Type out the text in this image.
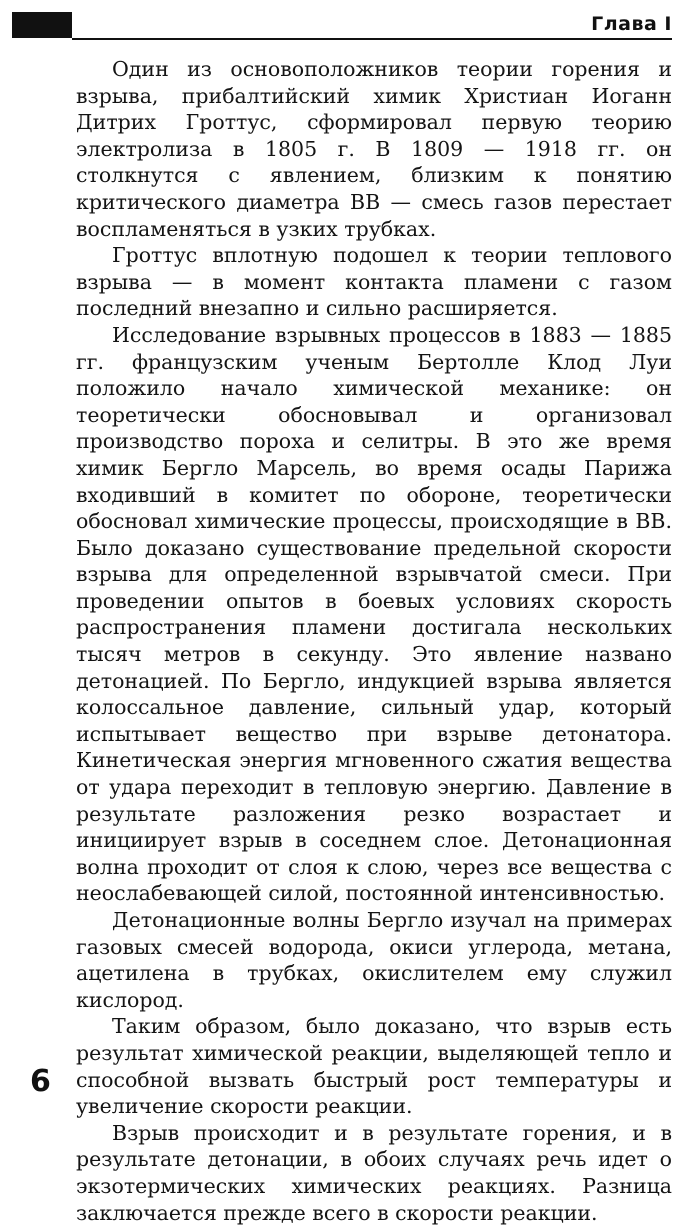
Глава I

Один из основоположников теории горения и взрыва, прибалтийский химик Христиан Иоганн Дитрих Гроттус, сформировал первую теорию электролиза в 1805 г. В 1809 — 1918 гг. он столкнутся с явлением, близким к понятию критического диаметра ВВ — смесь газов перестает воспламеняться в узких трубках.

Гроттус вплотную подошел к теории теплового взрыва — в момент контакта пламени с газом последний внезапно и сильно расширяется.

Исследование взрывных процессов в 1883 — 1885 гг. французским ученым Бертолле Клод Луи положило начало химической механике: он теоретически обосновывал и организовал производство пороха и селитры. В это же время химик Бергло Марсель, во время осады Парижа входивший в комитет по обороне, теоретически обосновал химические процессы, происходящие в ВВ. Было доказано существование предельной скорости взрыва для определенной взрывчатой смеси. При проведении опытов в боевых условиях скорость распространения пламени достигала нескольких тысяч метров в секунду. Это явление названо детонацией. По Бергло, индукцией взрыва является колоссальное давление, сильный удар, который испытывает вещество при взрыве детонатора. Кинетическая энергия мгновенного сжатия вещества от удара переходит в тепловую энергию. Давление в результате разложения резко возрастает и инициирует взрыв в соседнем слое. Детонационная волна проходит от слоя к слою, через все вещества с неослабевающей силой, постоянной интенсивностью.

Детонационные волны Бергло изучал на примерах газовых смесей водорода, окиси углерода, метана, ацетилена в трубках, окислителем ему служил кислород.

Таким образом, было доказано, что взрыв есть результат химической реакции, выделяющей тепло и способной вызвать быстрый рост температуры и увеличение скорости реакции.

Взрыв происходит и в результате горения, и в результате детонации, в обоих случаях речь идет о экзотермических химических реакциях. Разница заключается прежде всего в скорости реакции.

6
